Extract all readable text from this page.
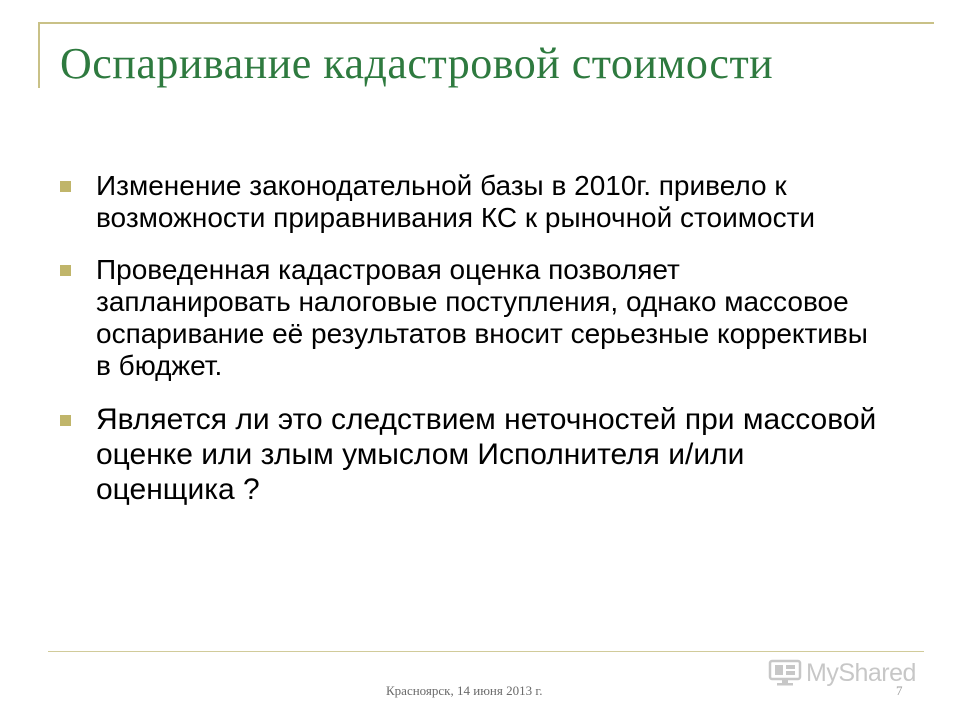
Оспаривание кадастровой стоимости
Изменение законодательной базы в 2010г. привело к возможности приравнивания КС к рыночной стоимости
Проведенная кадастровая оценка позволяет запланировать налоговые поступления, однако массовое оспаривание её результатов вносит серьезные коррективы в бюджет.
Является ли это следствием неточностей при массовой оценке или злым умыслом Исполнителя и/или оценщика ?
MyShared
Красноярск, 14 июня 2013 г.	7
